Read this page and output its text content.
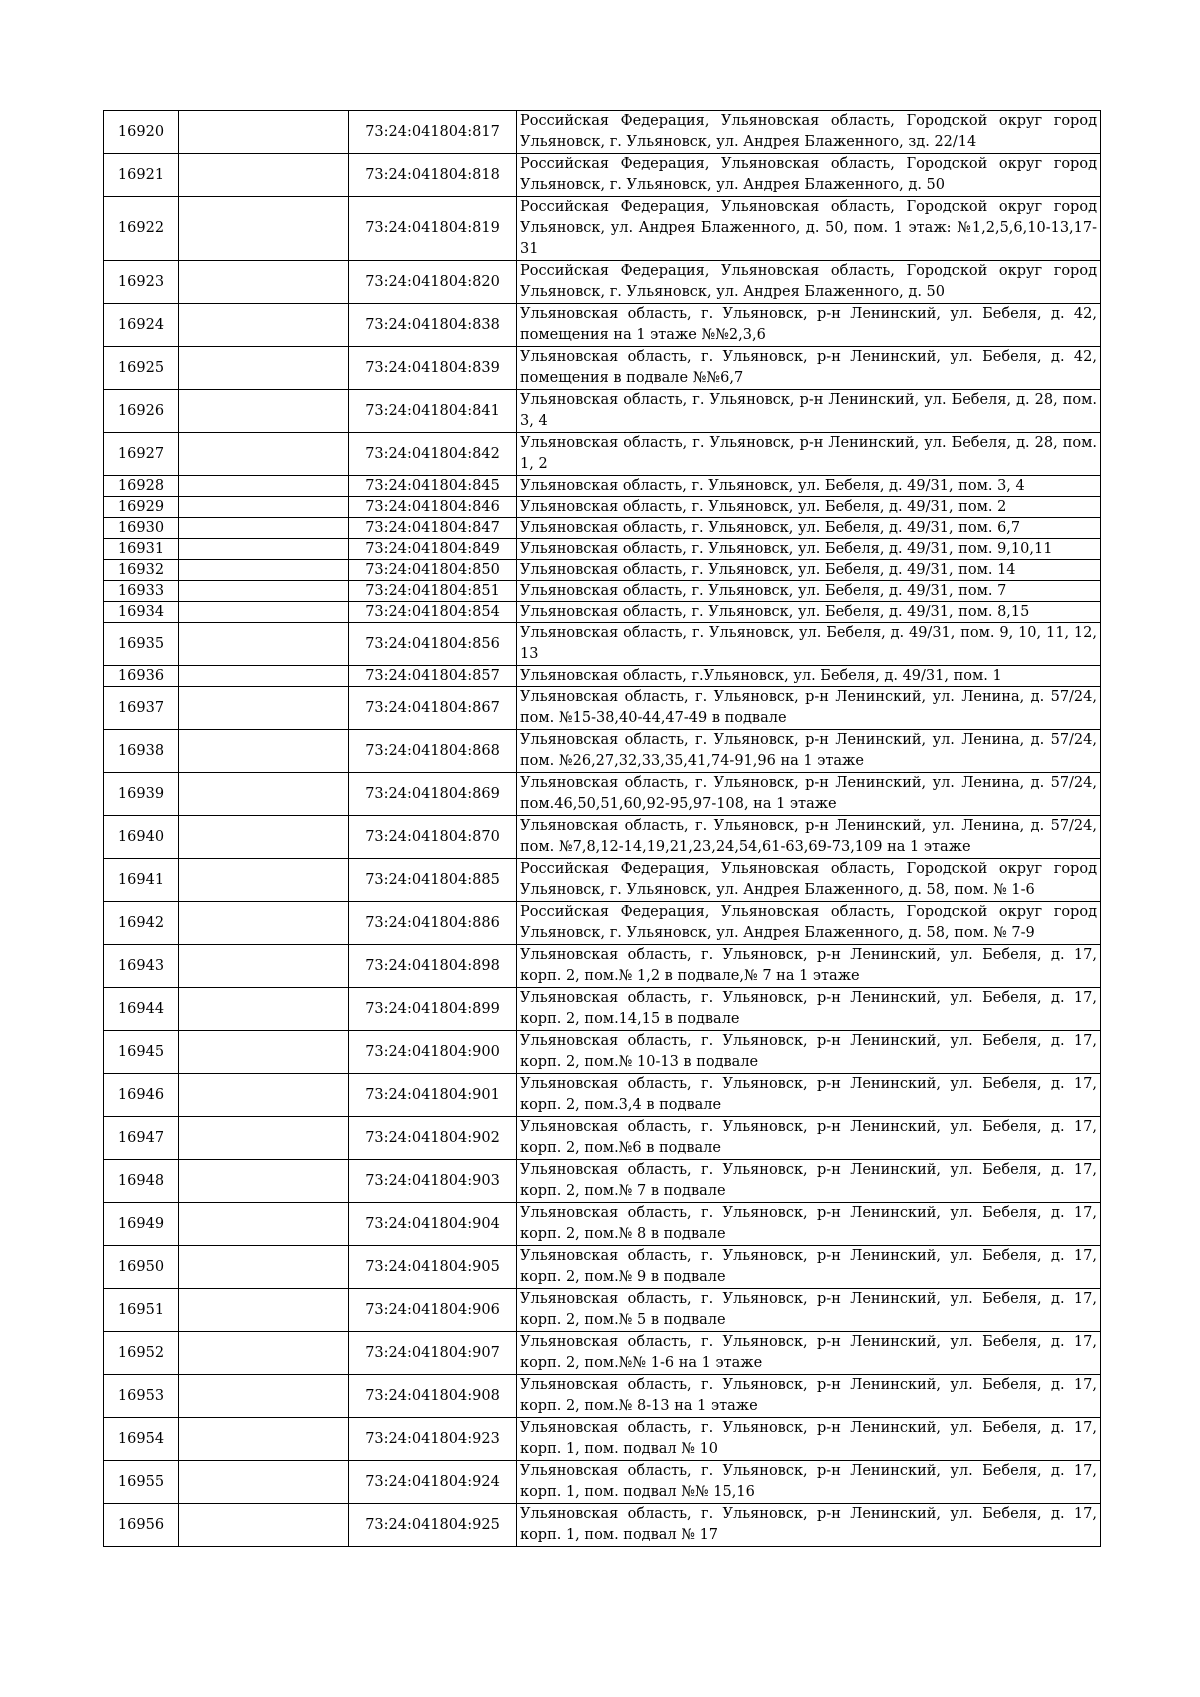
16920		73:24:041804:817	Российская Федерация, Ульяновская область, Городской округ город Ульяновск, г. Ульяновск, ул. Андрея Блаженного, зд. 22/14
16921		73:24:041804:818	Российская Федерация, Ульяновская область, Городской округ город Ульяновск, г. Ульяновск, ул. Андрея Блаженного, д. 50
16922		73:24:041804:819	Российская Федерация, Ульяновская область, Городской округ город Ульяновск, ул. Андрея Блаженного, д. 50, пом. 1 этаж: №1,2,5,6,10-13,17-31
16923		73:24:041804:820	Российская Федерация, Ульяновская область, Городской округ город Ульяновск, г. Ульяновск, ул. Андрея Блаженного, д. 50
16924		73:24:041804:838	Ульяновская область, г. Ульяновск, р-н Ленинский, ул. Бебеля, д. 42, помещения на 1 этаже №№2,3,6
16925		73:24:041804:839	Ульяновская область, г. Ульяновск, р-н Ленинский, ул. Бебеля, д. 42, помещения в подвале №№6,7
16926		73:24:041804:841	Ульяновская область, г. Ульяновск, р-н Ленинский, ул. Бебеля, д. 28, пом. 3, 4
16927		73:24:041804:842	Ульяновская область, г. Ульяновск, р-н Ленинский, ул. Бебеля, д. 28, пом. 1, 2
16928		73:24:041804:845	Ульяновская область, г. Ульяновск, ул. Бебеля, д. 49/31, пом. 3, 4
16929		73:24:041804:846	Ульяновская область, г. Ульяновск, ул. Бебеля, д. 49/31, пом. 2
16930		73:24:041804:847	Ульяновская область, г. Ульяновск, ул. Бебеля, д. 49/31, пом. 6,7
16931		73:24:041804:849	Ульяновская область, г. Ульяновск, ул. Бебеля, д. 49/31, пом. 9,10,11
16932		73:24:041804:850	Ульяновская область, г. Ульяновск, ул. Бебеля, д. 49/31, пом. 14
16933		73:24:041804:851	Ульяновская область, г. Ульяновск, ул. Бебеля, д. 49/31, пом. 7
16934		73:24:041804:854	Ульяновская область, г. Ульяновск, ул. Бебеля, д. 49/31, пом. 8,15
16935		73:24:041804:856	Ульяновская область, г. Ульяновск, ул. Бебеля, д. 49/31, пом. 9, 10, 11, 12, 13
16936		73:24:041804:857	Ульяновская область, г.Ульяновск, ул. Бебеля, д. 49/31, пом. 1
16937		73:24:041804:867	Ульяновская область, г. Ульяновск, р-н Ленинский, ул. Ленина, д. 57/24, пом. №15-38,40-44,47-49 в подвале
16938		73:24:041804:868	Ульяновская область, г. Ульяновск, р-н Ленинский, ул. Ленина, д. 57/24, пом. №26,27,32,33,35,41,74-91,96 на 1 этаже
16939		73:24:041804:869	Ульяновская область, г. Ульяновск, р-н Ленинский, ул. Ленина, д. 57/24, пом.46,50,51,60,92-95,97-108, на 1 этаже
16940		73:24:041804:870	Ульяновская область, г. Ульяновск, р-н Ленинский, ул. Ленина, д. 57/24, пом. №7,8,12-14,19,21,23,24,54,61-63,69-73,109 на 1 этаже
16941		73:24:041804:885	Российская Федерация, Ульяновская область, Городской округ город Ульяновск, г. Ульяновск, ул. Андрея Блаженного, д. 58, пом. № 1-6
16942		73:24:041804:886	Российская Федерация, Ульяновская область, Городской округ город Ульяновск, г. Ульяновск, ул. Андрея Блаженного, д. 58, пом. № 7-9
16943		73:24:041804:898	Ульяновская область, г. Ульяновск, р-н Ленинский, ул. Бебеля, д. 17, корп. 2, пом.№ 1,2 в подвале,№ 7 на 1 этаже
16944		73:24:041804:899	Ульяновская область, г. Ульяновск, р-н Ленинский, ул. Бебеля, д. 17, корп. 2, пом.14,15 в подвале
16945		73:24:041804:900	Ульяновская область, г. Ульяновск, р-н Ленинский, ул. Бебеля, д. 17, корп. 2, пом.№ 10-13 в подвале
16946		73:24:041804:901	Ульяновская область, г. Ульяновск, р-н Ленинский, ул. Бебеля, д. 17, корп. 2, пом.3,4 в подвале
16947		73:24:041804:902	Ульяновская область, г. Ульяновск, р-н Ленинский, ул. Бебеля, д. 17, корп. 2, пом.№6 в подвале
16948		73:24:041804:903	Ульяновская область, г. Ульяновск, р-н Ленинский, ул. Бебеля, д. 17, корп. 2, пом.№ 7 в подвале
16949		73:24:041804:904	Ульяновская область, г. Ульяновск, р-н Ленинский, ул. Бебеля, д. 17, корп. 2, пом.№ 8 в подвале
16950		73:24:041804:905	Ульяновская область, г. Ульяновск, р-н Ленинский, ул. Бебеля, д. 17, корп. 2, пом.№ 9 в подвале
16951		73:24:041804:906	Ульяновская область, г. Ульяновск, р-н Ленинский, ул. Бебеля, д. 17, корп. 2, пом.№ 5 в подвале
16952		73:24:041804:907	Ульяновская область, г. Ульяновск, р-н Ленинский, ул. Бебеля, д. 17, корп. 2, пом.№№ 1-6 на 1 этаже
16953		73:24:041804:908	Ульяновская область, г. Ульяновск, р-н Ленинский, ул. Бебеля, д. 17, корп. 2, пом.№ 8-13 на 1 этаже
16954		73:24:041804:923	Ульяновская область, г. Ульяновск, р-н Ленинский, ул. Бебеля, д. 17, корп. 1, пом. подвал № 10
16955		73:24:041804:924	Ульяновская область, г. Ульяновск, р-н Ленинский, ул. Бебеля, д. 17, корп. 1, пом. подвал №№ 15,16
16956		73:24:041804:925	Ульяновская область, г. Ульяновск, р-н Ленинский, ул. Бебеля, д. 17, корп. 1, пом. подвал № 17
